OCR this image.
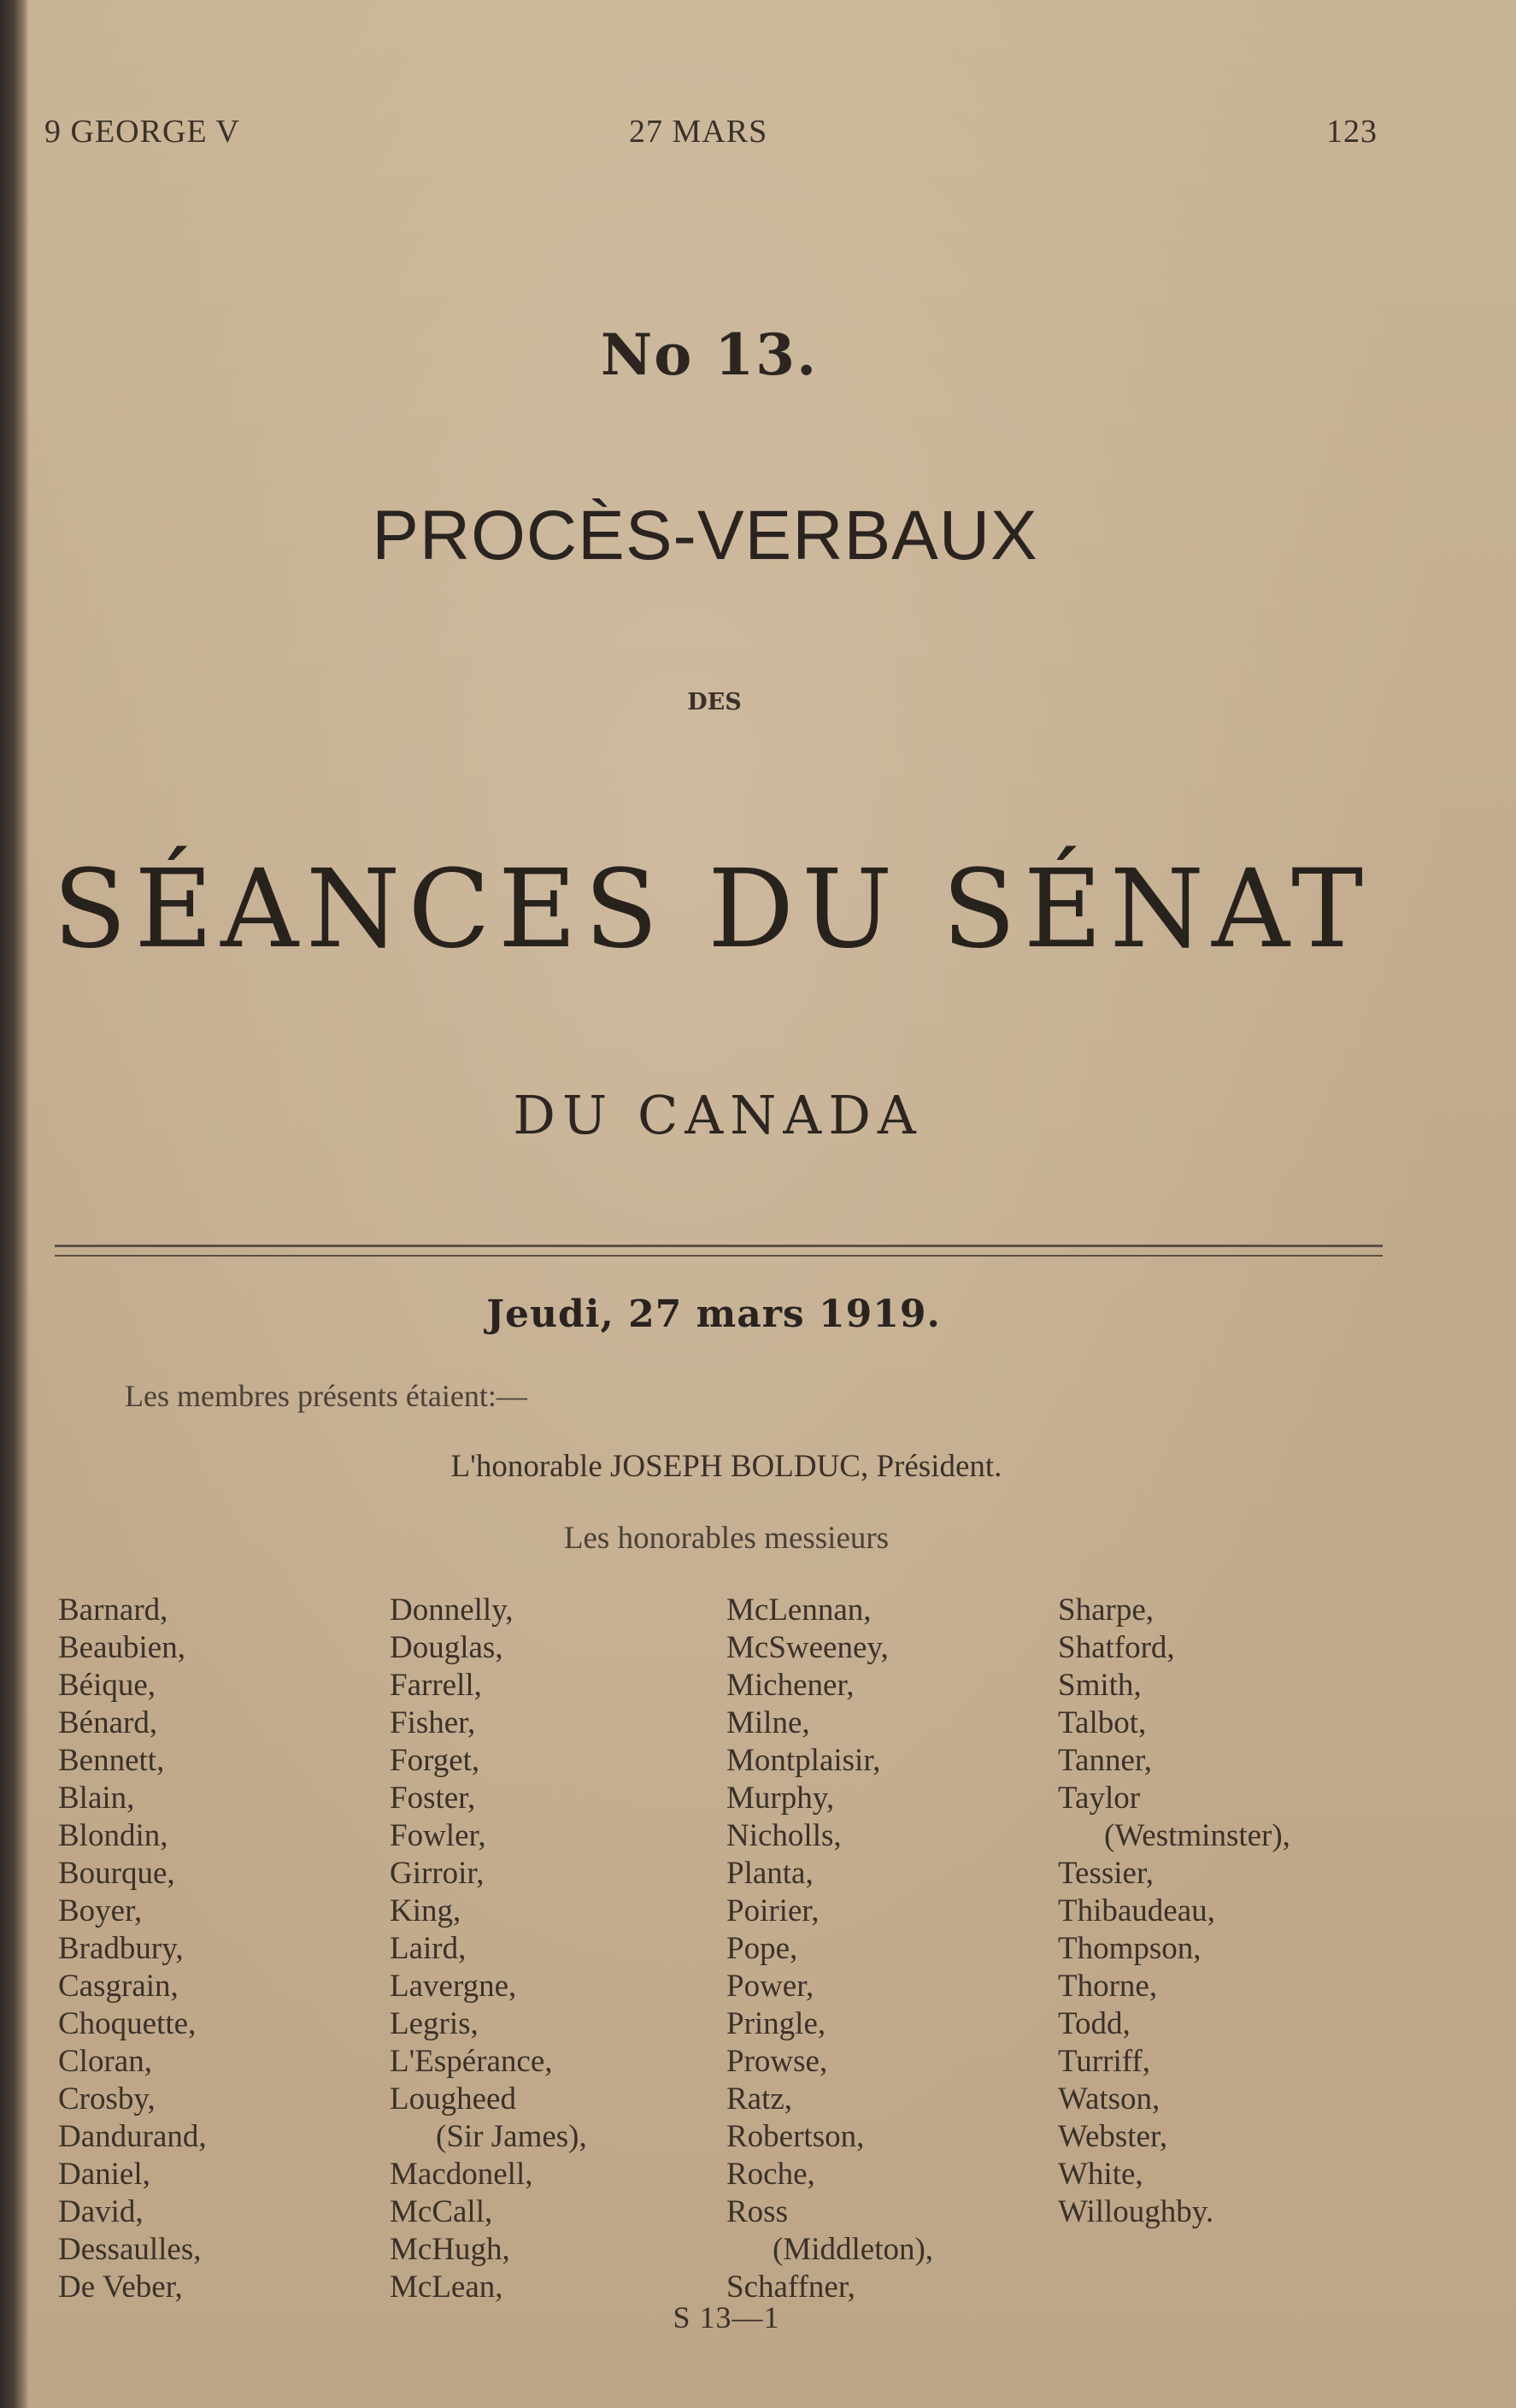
9 GEORGE V	27 MARS	123
No 13.
PROCÈS-VERBAUX
DES
SÉANCES DU SÉNAT
DU CANADA
Jeudi, 27 mars 1919.
Les membres présents étaient:—
L'honorable JOSEPH BOLDUC, Président.
Les honorables messieurs
Barnard,
Beaubien,
Béique,
Bénard,
Bennett,
Blain,
Blondin,
Bourque,
Boyer,
Bradbury,
Casgrain,
Choquette,
Cloran,
Crosby,
Dandurand,
Daniel,
David,
Dessaulles,
De Veber,
Donnelly,
Douglas,
Farrell,
Fisher,
Forget,
Foster,
Fowler,
Girroir,
King,
Laird,
Lavergne,
Legris,
L'Espérance,
Lougheed
(Sir James),
Macdonell,
McCall,
McHugh,
McLean,
McLennan,
McSweeney,
Michener,
Milne,
Montplaisir,
Murphy,
Nicholls,
Planta,
Poirier,
Pope,
Power,
Pringle,
Prowse,
Ratz,
Robertson,
Roche,
Ross
(Middleton),
Schaffner,
Sharpe,
Shatford,
Smith,
Talbot,
Tanner,
Taylor
(Westminster),
Tessier,
Thibaudeau,
Thompson,
Thorne,
Todd,
Turriff,
Watson,
Webster,
White,
Willoughby.
S 13—1
